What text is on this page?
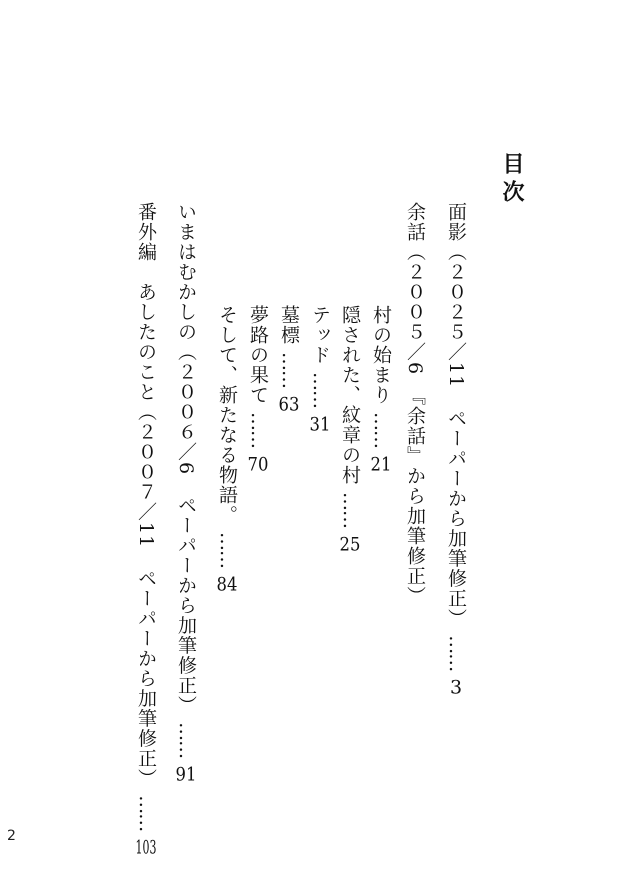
目次
面影（２０２５／11　ペーパーから加筆修正） …… 3
余話（２００５／6　『余話』から加筆修正）
村の始まり …… 21
隠された、紋章の村 …… 25
テッド …… 31
墓標 …… 63
夢路の果て …… 70
そして、新たなる物語。 …… 84
いまはむかしの（２００６／6　ペーパーから加筆修正） …… 91
番外編　あしたのこと（２００７／11　ペーパーから加筆修正） …… 103
2
